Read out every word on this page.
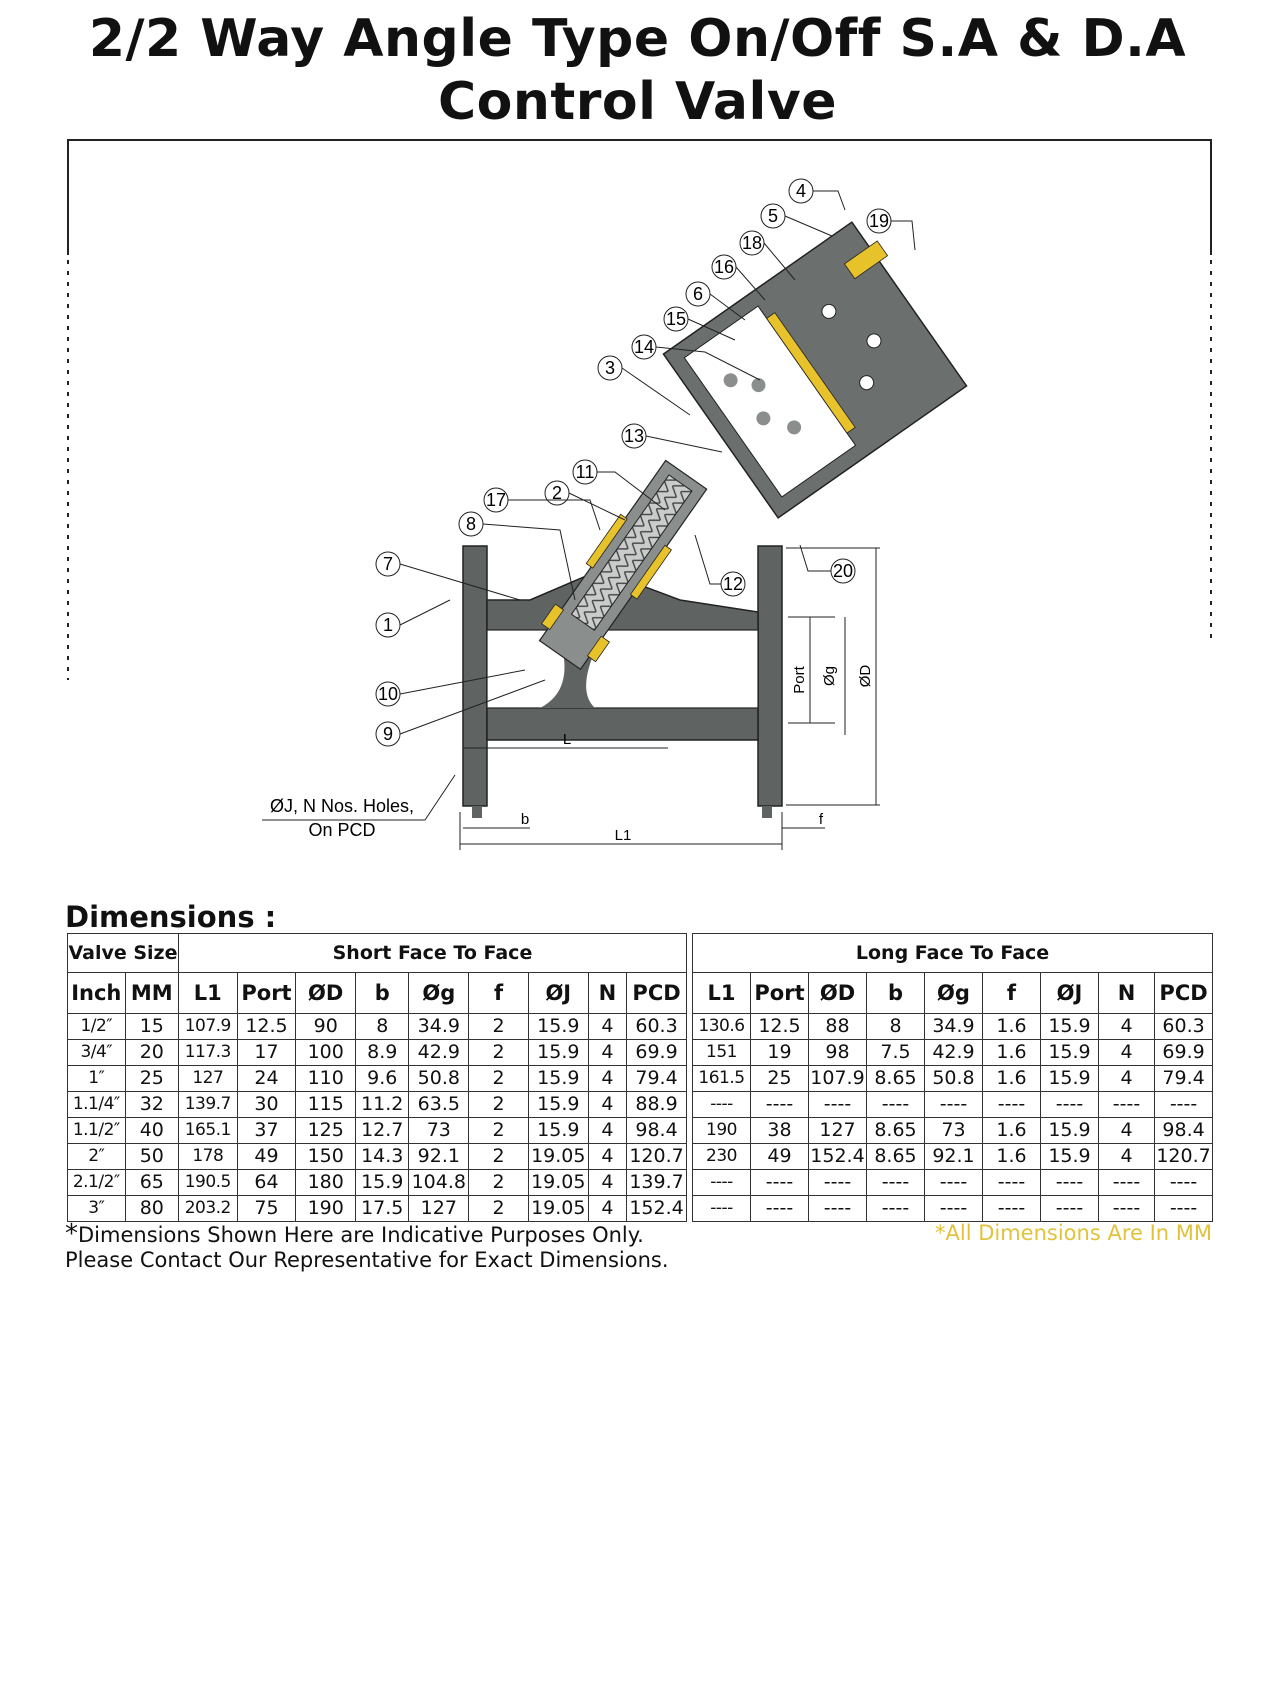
2/2 Way Angle Type On/Off S.A & D.A
Control Valve
4
5	19
18
16
6
15
14
3
13
11
2
17
8
7
1
10
9
12
20
L
L1
b	f
Port Øg ØD
ØJ, N Nos. Holes,
On PCD
Dimensions :
Valve Size		Short Face To Face								
Inch	MM	L1	Port	ØD	b	Øg	f	ØJ	N	PCD
1/2″	15	107.9	12.5	90	8	34.9	2	15.9	4	60.3
3/4″	20	117.3	17	100	8.9	42.9	2	15.9	4	69.9
1″	25	127	24	110	9.6	50.8	2	15.9	4	79.4
1.1/4″	32	139.7	30	115	11.2	63.5	2	15.9	4	88.9
1.1/2″	40	165.1	37	125	12.7	73	2	15.9	4	98.4
2″	50	178	49	150	14.3	92.1	2	19.05	4	120.7
2.1/2″	65	190.5	64	180	15.9	104.8	2	19.05	4	139.7
3″	80	203.2	75	190	17.5	127	2	19.05	4	152.4
Long Face To Face								
L1	Port	ØD	b	Øg	f	ØJ	N	PCD
130.6	12.5	88	8	34.9	1.6	15.9	4	60.3
151	19	98	7.5	42.9	1.6	15.9	4	69.9
161.5	25	107.9	8.65	50.8	1.6	15.9	4	79.4
----	----	----	----	----	----	----	----	----
190	38	127	8.65	73	1.6	15.9	4	98.4
230	49	152.4	8.65	92.1	1.6	15.9	4	120.7
----	----	----	----	----	----	----	----	----
----	----	----	----	----	----	----	----	----
*Dimensions Shown Here are Indicative Purposes Only.
Please Contact Our Representative for Exact Dimensions.
*All Dimensions Are In MM
